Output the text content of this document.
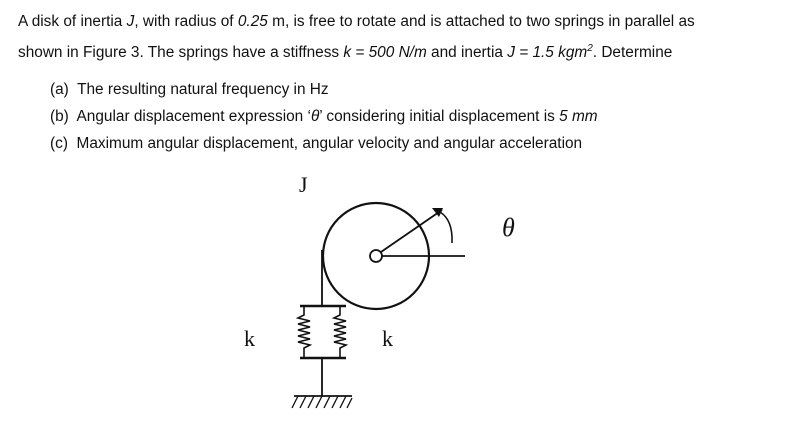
A disk of inertia J, with radius of 0.25 m, is free to rotate and is attached to two springs in parallel as

shown in Figure 3. The springs have a stiffness k = 500 N/m and inertia J = 1.5 kgm$^2$. Determine

(a) The resulting natural frequency in Hz
(b) Angular displacement expression ‘θ’ considering initial displacement is 5 mm
(c) Maximum angular displacement, angular velocity and angular acceleration
J
θ
k	k
